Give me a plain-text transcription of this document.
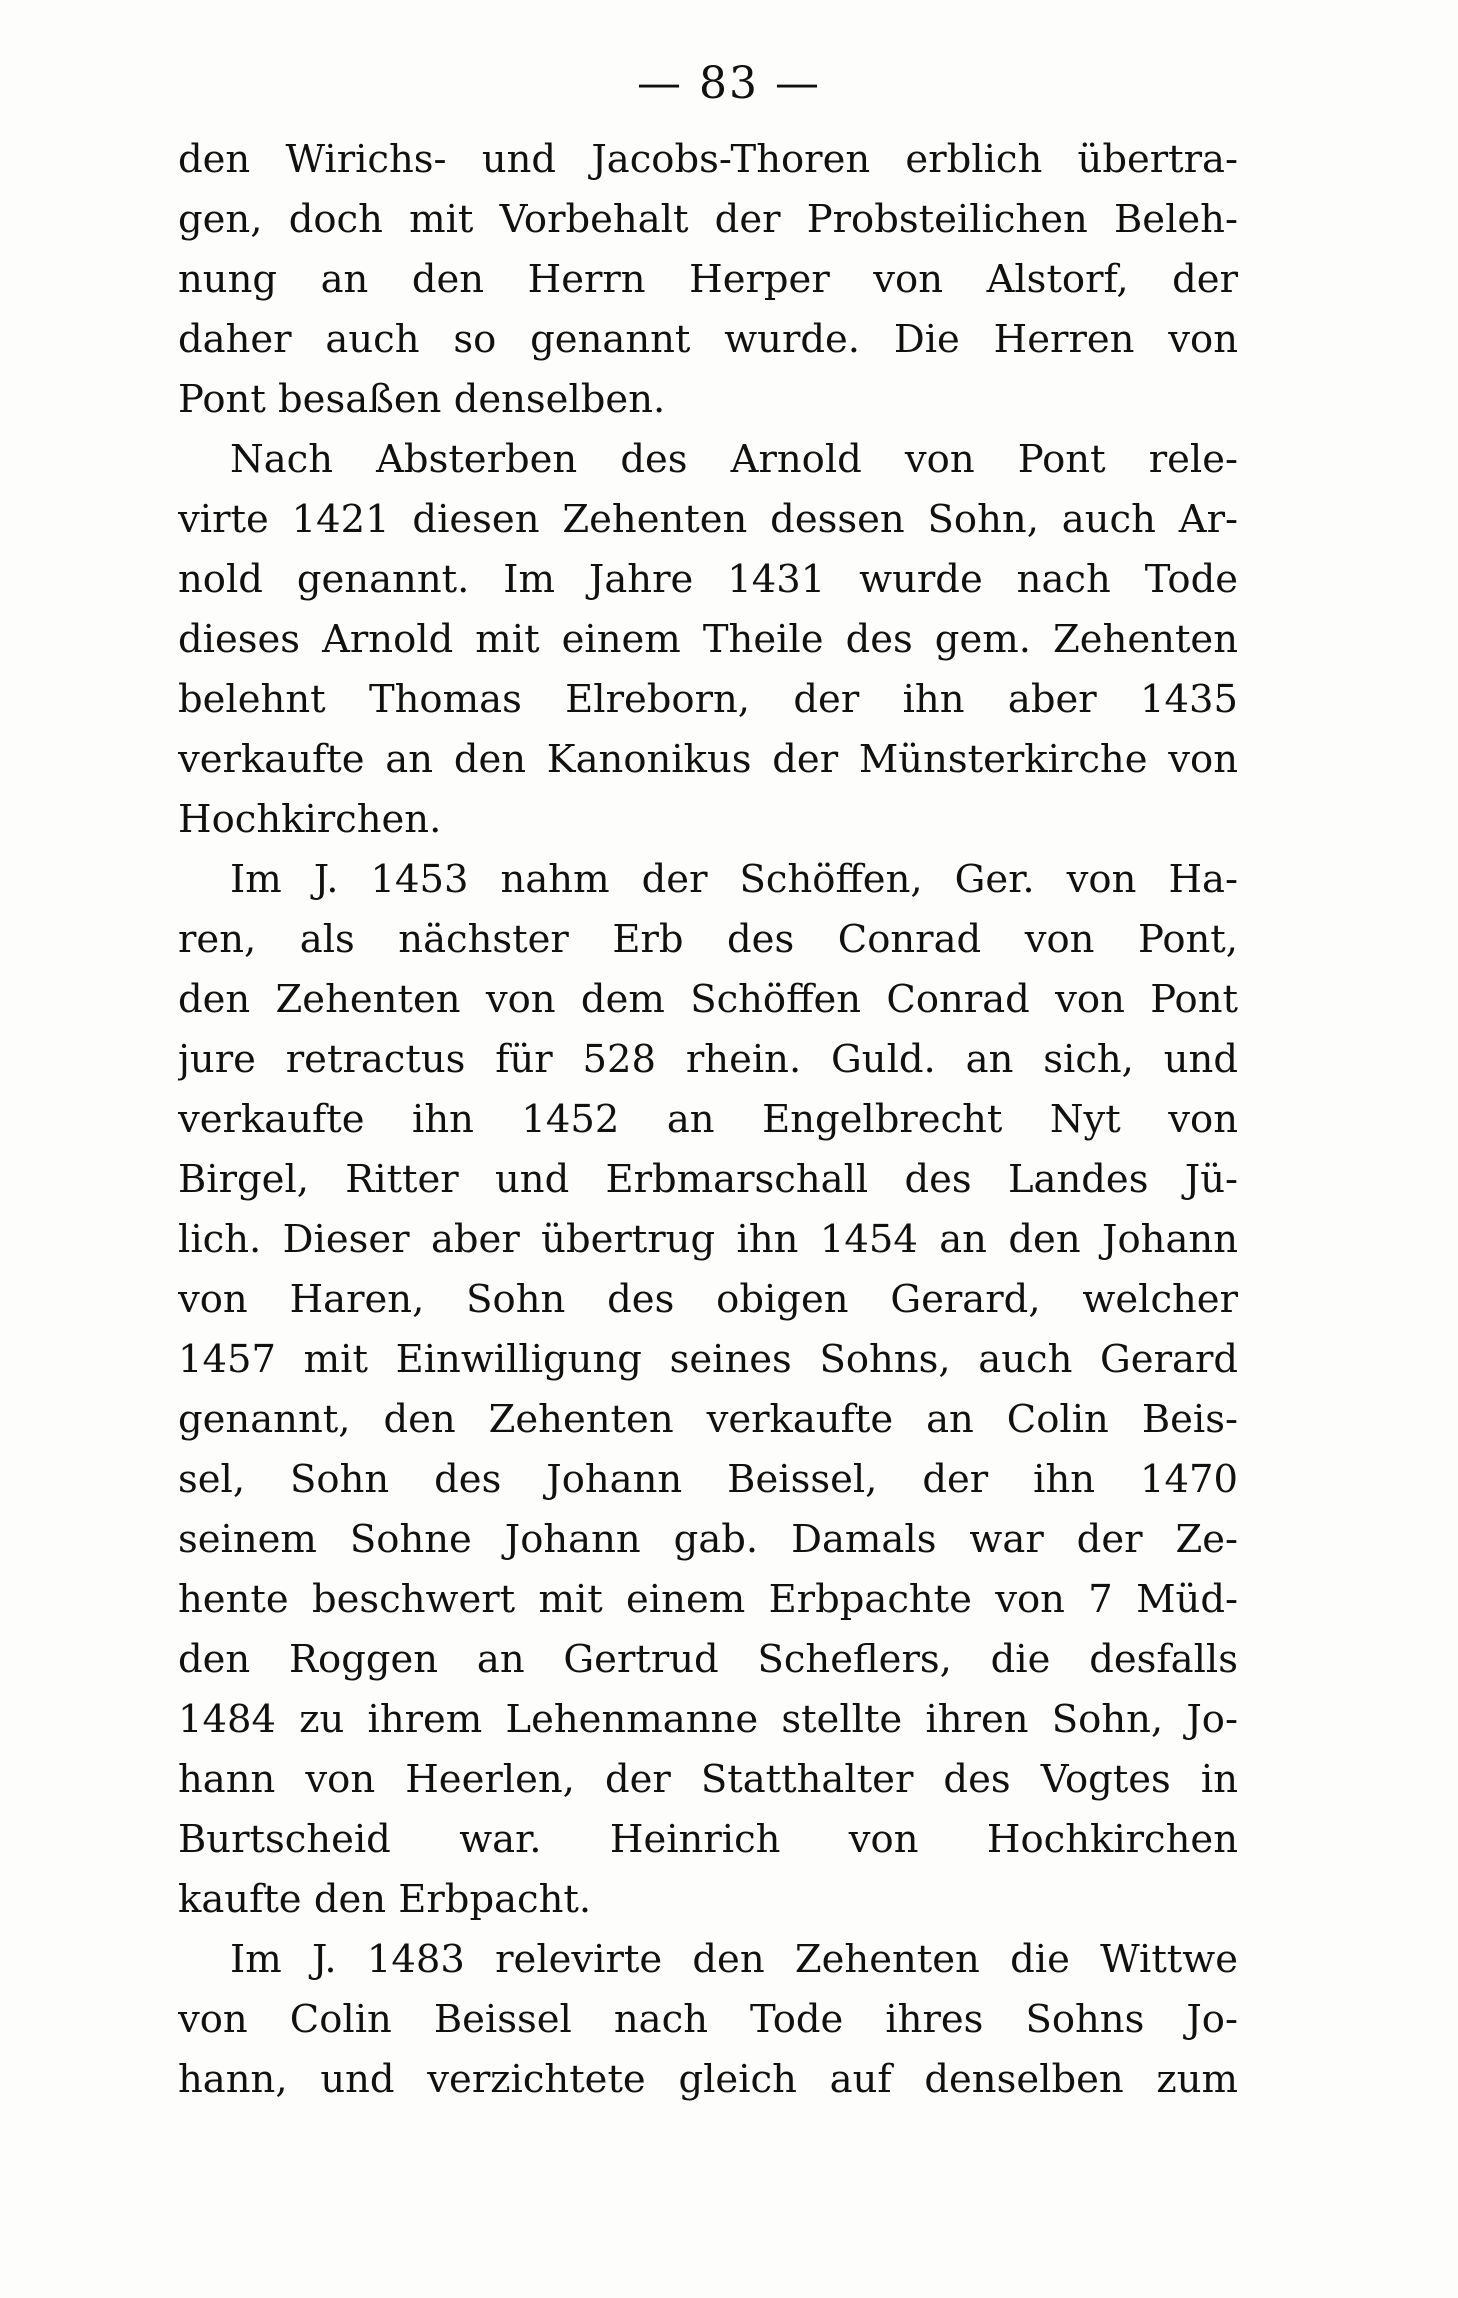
— 83 —
den Wirichs- und Jacobs-Thoren erblich übertra-
gen, doch mit Vorbehalt der Probsteilichen Beleh-
nung an den Herrn Herper von Alstorf, der
daher auch so genannt wurde. Die Herren von
Pont besaßen denselben.
Nach Absterben des Arnold von Pont rele-
virte 1421 diesen Zehenten dessen Sohn, auch Ar-
nold genannt. Im Jahre 1431 wurde nach Tode
dieses Arnold mit einem Theile des gem. Zehenten
belehnt Thomas Elreborn, der ihn aber 1435
verkaufte an den Kanonikus der Münsterkirche von
Hochkirchen.
Im J. 1453 nahm der Schöffen, Ger. von Ha-
ren, als nächster Erb des Conrad von Pont,
den Zehenten von dem Schöffen Conrad von Pont
jure retractus für 528 rhein. Guld. an sich, und
verkaufte ihn 1452 an Engelbrecht Nyt von
Birgel, Ritter und Erbmarschall des Landes Jü-
lich. Dieser aber übertrug ihn 1454 an den Johann
von Haren, Sohn des obigen Gerard, welcher
1457 mit Einwilligung seines Sohns, auch Gerard
genannt, den Zehenten verkaufte an Colin Beis-
sel, Sohn des Johann Beissel, der ihn 1470
seinem Sohne Johann gab. Damals war der Ze-
hente beschwert mit einem Erbpachte von 7 Müd-
den Roggen an Gertrud Scheflers, die desfalls
1484 zu ihrem Lehenmanne stellte ihren Sohn, Jo-
hann von Heerlen, der Statthalter des Vogtes in
Burtscheid war. Heinrich von Hochkirchen
kaufte den Erbpacht.
Im J. 1483 relevirte den Zehenten die Wittwe
von Colin Beissel nach Tode ihres Sohns Jo-
hann, und verzichtete gleich auf denselben zum
